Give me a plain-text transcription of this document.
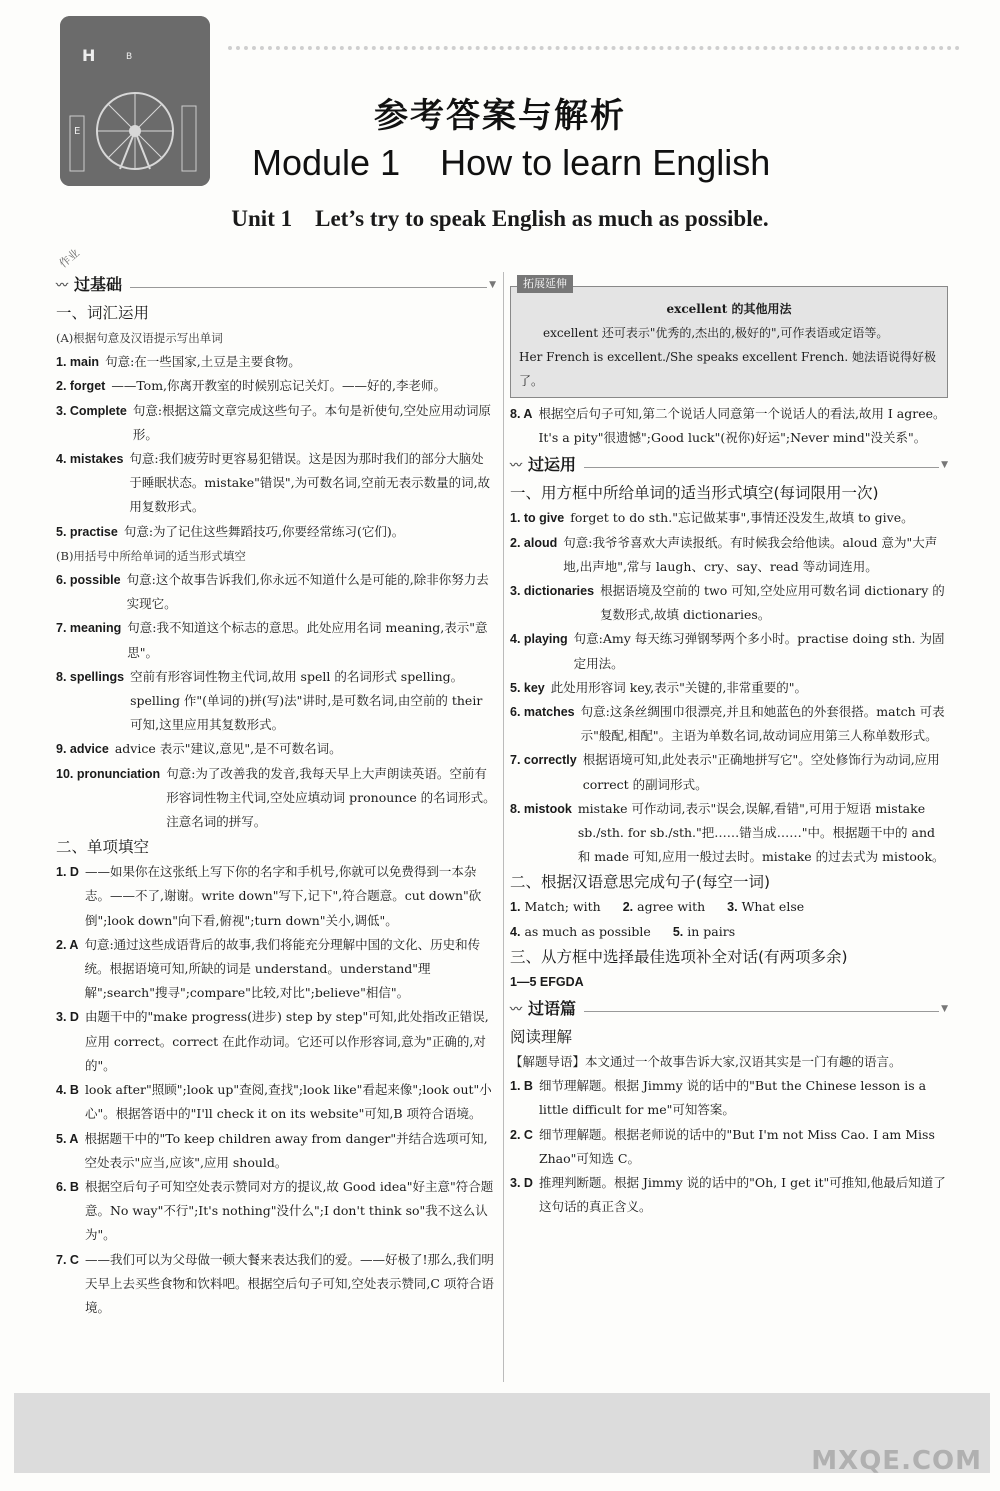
H	B
E	参考答案与解析
Module 1    How to learn English
Unit 1    Let’s try to speak English as much as possible.
作业
〰 过基础	▼
一、词汇运用
(A)根据句意及汉语提示写出单词
1. main 句意:在一些国家,土豆是主要食物。
2. forget ——Tom,你离开教室的时候别忘记关灯。——好的,李老师。
3. Complete 句意:根据这篇文章完成这些句子。本句是祈使句,空处应用动词原形。
4. mistakes 句意:我们疲劳时更容易犯错误。这是因为那时我们的部分大脑处于睡眠状态。mistake"错误",为可数名词,空前无表示数量的词,故用复数形式。
5. practise 句意:为了记住这些舞蹈技巧,你要经常练习(它们)。
(B)用括号中所给单词的适当形式填空
6. possible 句意:这个故事告诉我们,你永远不知道什么是可能的,除非你努力去实现它。
7. meaning 句意:我不知道这个标志的意思。此处应用名词 meaning,表示"意思"。
8. spellings 空前有形容词性物主代词,故用 spell 的名词形式 spelling。spelling 作"(单词的)拼(写)法"讲时,是可数名词,由空前的 their 可知,这里应用其复数形式。
9. advice advice 表示"建议,意见",是不可数名词。
10. pronunciation 句意:为了改善我的发音,我每天早上大声朗读英语。空前有形容词性物主代词,空处应填动词 pronounce 的名词形式。注意名词的拼写。
二、单项填空
1. D ——如果你在这张纸上写下你的名字和手机号,你就可以免费得到一本杂志。——不了,谢谢。write down"写下,记下",符合题意。cut down"砍倒";look down"向下看,俯视";turn down"关小,调低"。
2. A 句意:通过这些成语背后的故事,我们将能充分理解中国的文化、历史和传统。根据语境可知,所缺的词是 understand。understand"理解";search"搜寻";compare"比较,对比";believe"相信"。
3. D 由题干中的"make progress(进步) step by step"可知,此处指改正错误,应用 correct。correct 在此作动词。它还可以作形容词,意为"正确的,对的"。
4. B look after"照顾";look up"查阅,查找";look like"看起来像";look out"小心"。根据答语中的"I'll check it on its website"可知,B 项符合语境。
5. A 根据题干中的"To keep children away from danger"并结合选项可知,空处表示"应当,应该",应用 should。
6. B 根据空后句子可知空处表示赞同对方的提议,故 Good idea"好主意"符合题意。No way"不行";It's nothing"没什么";I don't think so"我不这么认为"。
7. C ——我们可以为父母做一顿大餐来表达我们的爱。——好极了!那么,我们明天早上去买些食物和饮料吧。根据空后句子可知,空处表示赞同,C 项符合语境。
拓展延伸
excellent 的其他用法
excellent 还可表示"优秀的,杰出的,极好的",可作表语或定语等。
Her French is excellent./She speaks excellent French. 她法语说得好极了。
8. A 根据空后句子可知,第二个说话人同意第一个说话人的看法,故用 I agree。It's a pity"很遗憾";Good luck"(祝你)好运";Never mind"没关系"。
〰 过运用	▼
一、用方框中所给单词的适当形式填空(每词限用一次)
1. to give forget to do sth."忘记做某事",事情还没发生,故填 to give。
2. aloud 句意:我爷爷喜欢大声读报纸。有时候我会给他读。aloud 意为"大声地,出声地",常与 laugh、cry、say、read 等动词连用。
3. dictionaries 根据语境及空前的 two 可知,空处应用可数名词 dictionary 的复数形式,故填 dictionaries。
4. playing 句意:Amy 每天练习弹钢琴两个多小时。practise doing sth. 为固定用法。
5. key 此处用形容词 key,表示"关键的,非常重要的"。
6. matches 句意:这条丝绸围巾很漂亮,并且和她蓝色的外套很搭。match 可表示"般配,相配"。主语为单数名词,故动词应用第三人称单数形式。
7. correctly 根据语境可知,此处表示"正确地拼写它"。空处修饰行为动词,应用 correct 的副词形式。
8. mistook mistake 可作动词,表示"误会,误解,看错",可用于短语 mistake sb./sth. for sb./sth."把……错当成……"中。根据题干中的 and 和 made 可知,应用一般过去时。mistake 的过去式为 mistook。
二、根据汉语意思完成句子(每空一词)
1. Match; with 2. agree with 3. What else
4. as much as possible 5. in pairs
三、从方框中选择最佳选项补全对话(有两项多余)
1—5 EFGDA
〰 过语篇	▼
阅读理解
【解题导语】本文通过一个故事告诉大家,汉语其实是一门有趣的语言。
1. B 细节理解题。根据 Jimmy 说的话中的"But the Chinese lesson is a little difficult for me"可知答案。
2. C 细节理解题。根据老师说的话中的"But I'm not Miss Cao. I am Miss Zhao"可知选 C。
3. D 推理判断题。根据 Jimmy 说的话中的"Oh, I get it"可推知,他最后知道了这句话的真正含义。
MXQE.COM
